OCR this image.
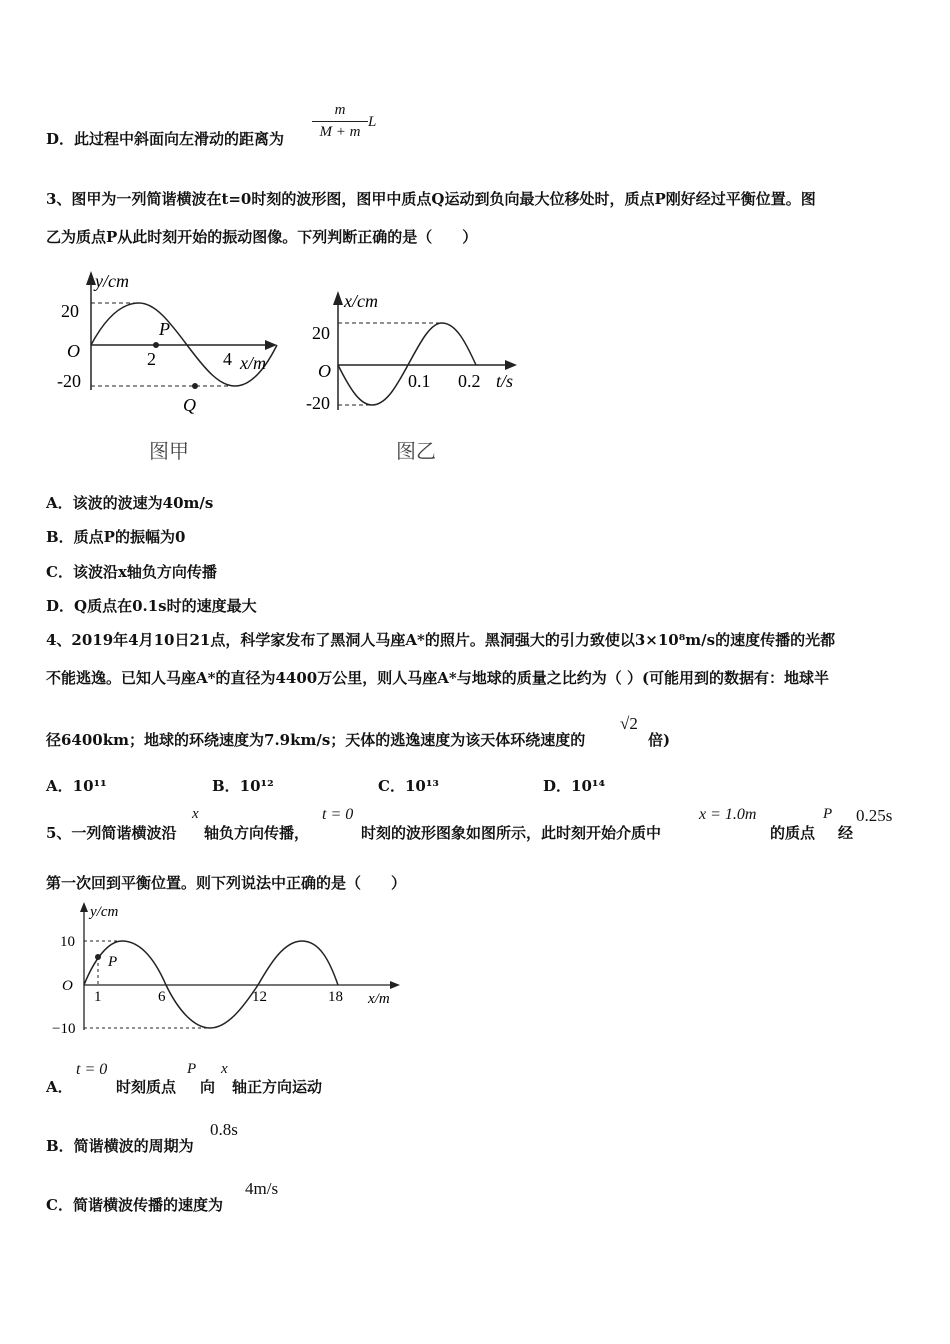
D．此过程中斜面向左滑动的距离为
m
M + m
L
3、图甲为一列简谐横波在t=0时刻的波形图，图甲中质点Q运动到负向最大位移处时，质点P刚好经过平衡位置。图
乙为质点P从此时刻开始的振动图像。下列判断正确的是（　　）
y/cm
20
O
-20
2	4 x/m
P
Q
图甲
x/cm
20
O
-20
0.1 0.2 t/s
图乙
A．该波的波速为40m/s
B．质点P的振幅为0
C．该波沿x轴负方向传播
D．Q质点在0.1s时的速度最大
4、2019年4月10日21点，科学家发布了黑洞人马座A*的照片。黑洞强大的引力致使以3×10⁸m/s的速度传播的光都
不能逃逸。已知人马座A*的直径为4400万公里，则人马座A*与地球的质量之比约为（ ）(可能用到的数据有：地球半
径6400km；地球的环绕速度为7.9km/s；天体的逃逸速度为该天体环绕速度的
√2
倍)
A．10¹¹	B．10¹²	C．10¹³	D．10¹⁴
5、一列简谐横波沿
x
轴负方向传播，
t = 0
时刻的波形图象如图所示，此时刻开始介质中
x = 1.0m
的质点
P
经
0.25s
第一次回到平衡位置。则下列说法中正确的是（　　）
y/cm
10
O
−10
1	6	12	18 x/m
P
A．
t = 0
时刻质点
P
向
x
轴正方向运动
B．简谐横波的周期为
0.8s
C．简谐横波传播的速度为
4m/s
